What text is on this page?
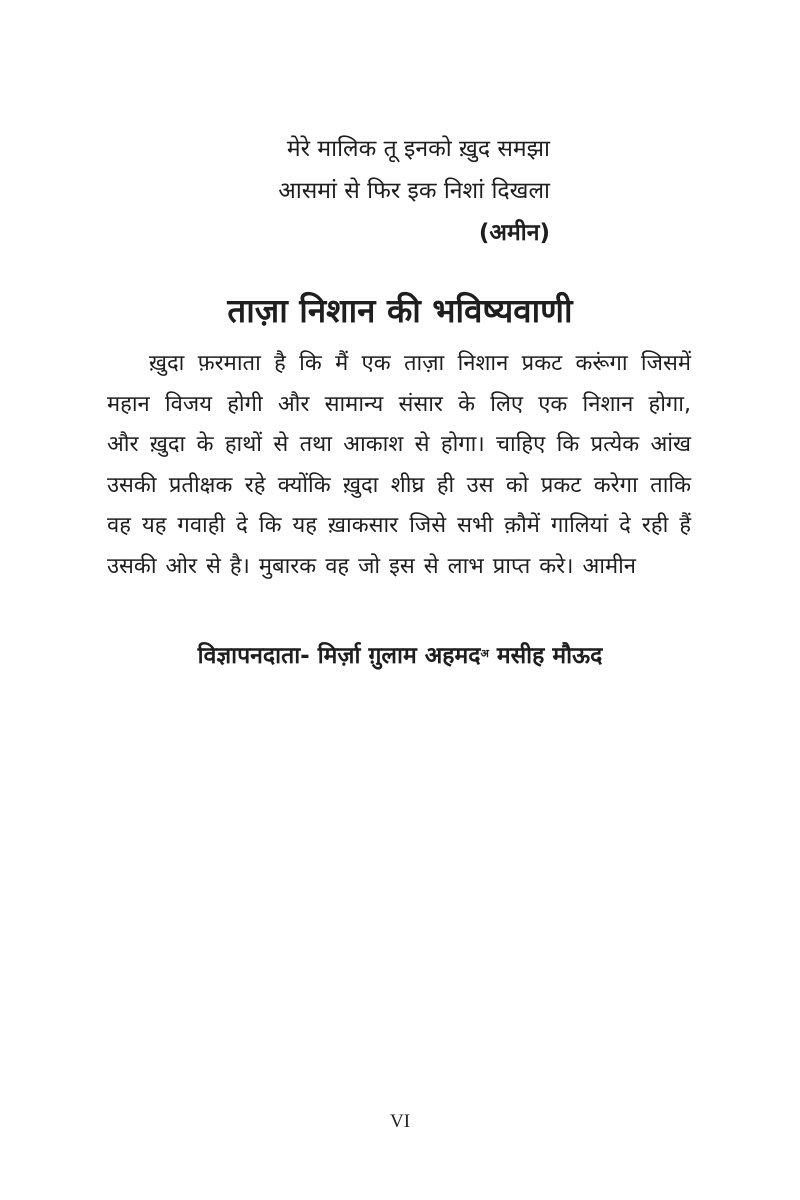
मेरे मालिक तू इनको ख़ुद समझा
आसमां से फिर इक निशां दिखला
(अमीन)
ताज़ा निशान की भविष्यवाणी
ख़ुदा फ़रमाता है कि मैं एक ताज़ा निशान प्रकट करूंगा जिसमें
महान विजय होगी और सामान्य संसार के लिए एक निशान होगा,
और ख़ुदा के हाथों से तथा आकाश से होगा। चाहिए कि प्रत्येक आंख
उसकी प्रतीक्षक रहे क्योंकि ख़ुदा शीघ्र ही उस को प्रकट करेगा ताकि
वह यह गवाही दे कि यह ख़ाकसार जिसे सभी क़ौमें गालियां दे रही हैं
उसकी ओर से है। मुबारक वह जो इस से लाभ प्राप्त करे। आमीन
विज्ञापनदाता- मिर्ज़ा ग़ुलाम अहमद$^अ$ मसीह मौऊद
VI
